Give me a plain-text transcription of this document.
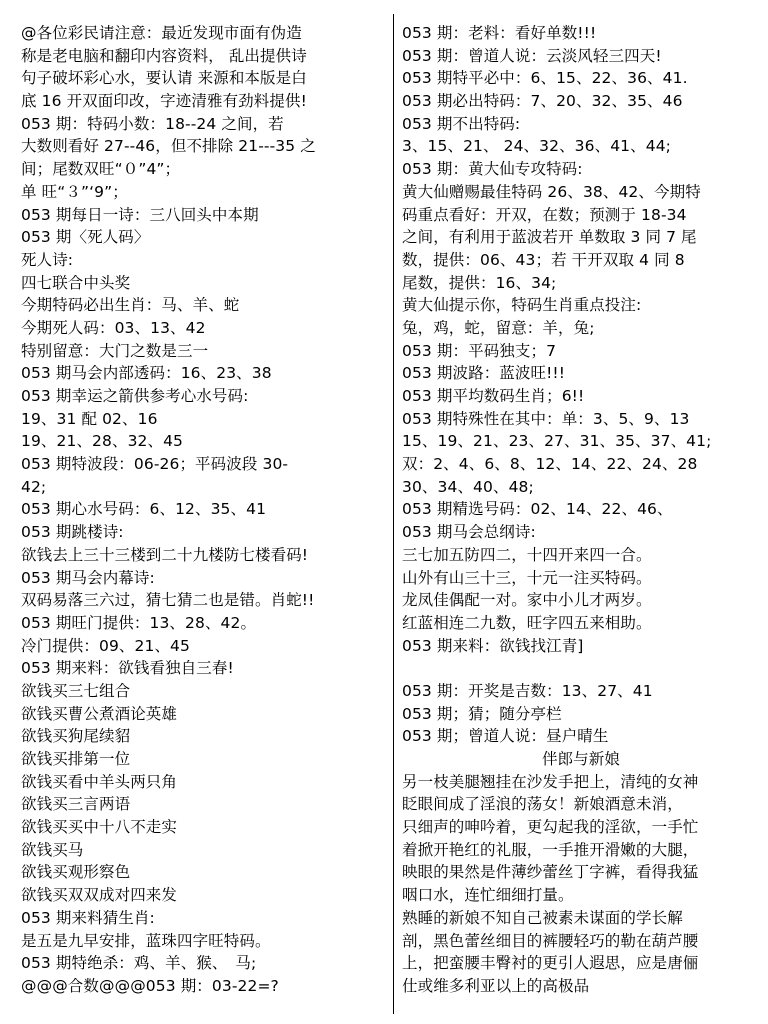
@各位彩民请注意：最近发现市面有伪造
称是老电脑和翻印内容资料， 乱出提供诗
句子破坏彩心水，要认请 来源和本版是白
底 16 开双面印改，字迹清雅有劲料提供!
053 期：特码小数：18--24 之间，若
大数则看好 27--46，但不排除 21---35 之
间；尾数双旺“０”4”；
单 旺“３”‘9”；
053 期每日一诗：三八回头中本期
053 期〈死人码〉
死人诗:
四七联合中头奖
今期特码必出生肖：马、羊、蛇
今期死人码：03、13、42
特别留意：大门之数是三一
053 期马会内部透码：16、23、38
053 期幸运之箭供参考心水号码:
19、31 配 02、16
19、21、28、32、45
053 期特波段：06-26；平码波段 30-
42;
053 期心水号码：6、12、35、41
053 期跳楼诗:
欲钱去上三十三楼到二十九楼防七楼看码!
053 期马会内幕诗:
双码易落三六过，猜七猜二也是错。肖蛇!!
053 期旺门提供：13、28、42。
冷门提供：09、21、45
053 期来料：欲钱看独自三春!
欲钱买三七组合
欲钱买曹公煮酒论英雄
欲钱买狗尾续貂
欲钱买排第一位
欲钱买看中羊头两只角
欲钱买三言两语
欲钱买买中十八不走实
欲钱买马
欲钱买观形察色
欲钱买双双成对四来发
053 期来料猜生肖:
是五是九早安排，蓝珠四字旺特码。
053 期特绝杀：鸡、羊、猴、　马;
@@@合数@@@053 期：03-22=?
053 期：老料：看好单数!!!
053 期：曾道人说：云淡风轻三四天!
053 期特平必中：6、15、22、36、41.
053 期必出特码：7、20、32、35、46
053 期不出特码:
3、15、21、 24、32、36、41、44;
053 期：黄大仙专攻特码:
黄大仙赠赐最佳特码 26、38、42、今期特
码重点看好：开双，在数；预测于 18-34
之间，有利用于蓝波若开 单数取 3 同 7 尾
数，提供：06、43；若 干开双取 4 同 8
尾数，提供：16、34;
黄大仙提示你，特码生肖重点投注:
兔，鸡，蛇，留意：羊，兔;
053 期：平码独支；7
053 期波路：蓝波旺!!!
053 期平均数码生肖；6!!
053 期特殊性在其中：单：3、5、9、13
15、19、21、23、27、31、35、37、41;
双：2、4、6、8、12、14、22、24、28
30、34、40、48;
053 期精选号码：02、14、22、46、
053 期马会总纲诗:
三七加五防四二，十四开来四一合。
山外有山三十三，十元一注买特码。
龙凤佳偶配一对。家中小儿才两岁。
红蓝相连二九数，旺字四五来相助。
053 期来料：欲钱找江青]
053 期：开奖是吉数：13、27、41
053 期；猜；随分亭栏
053 期；曾道人说：昼户晴生
伴郎与新娘
另一枝美腿翘挂在沙发手把上，清纯的女神
眨眼间成了淫浪的荡女！新娘酒意未消，
只细声的呻吟着，更勾起我的淫欲，一手忙
着掀开艳红的礼服，一手推开滑嫩的大腿，
映眼的果然是件薄纱蕾丝丁字裤，看得我猛
咽口水，连忙细细打量。
熟睡的新娘不知自己被素未谋面的学长解
剖，黑色蕾丝细目的裤腰轻巧的勒在葫芦腰
上，把蛮腰丰臀衬的更引人遐思，应是唐俪
仕或维多利亚以上的高极品
